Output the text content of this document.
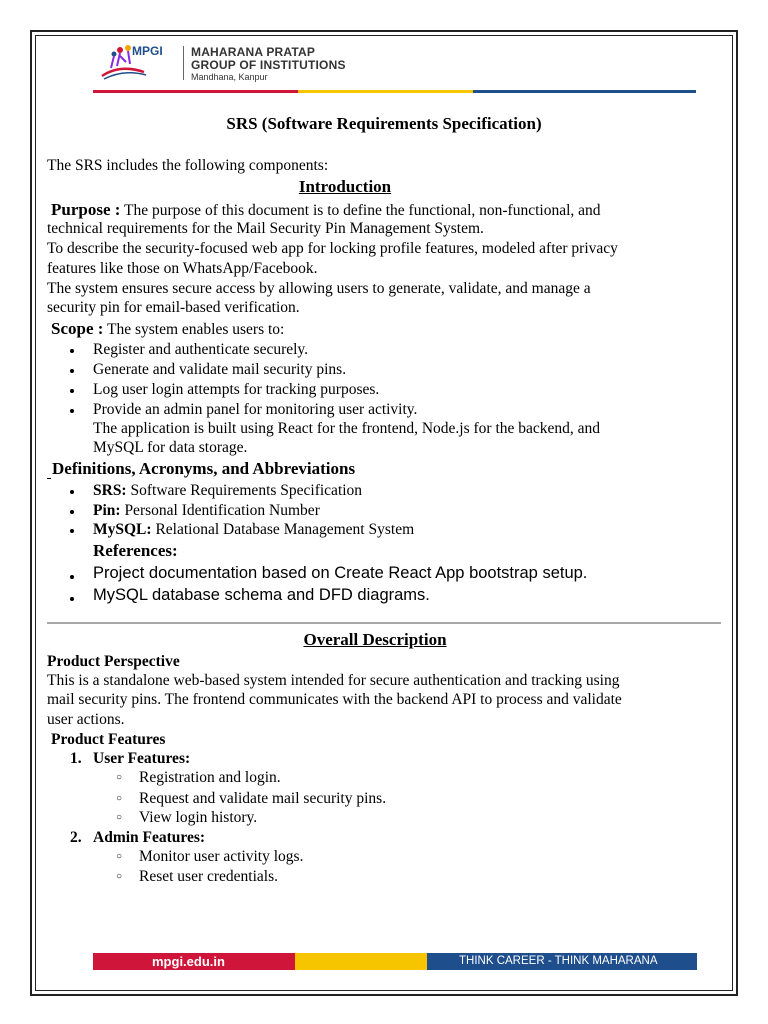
MPGI MAHARANA PRATAP
GROUP OF INSTITUTIONS
Mandhana, Kanpur
SRS (Software Requirements Specification)
The SRS includes the following components:
Introduction
Purpose : The purpose of this document is to define the functional, non-functional, and
technical requirements for the Mail Security Pin Management System.
To describe the security-focused web app for locking profile features, modeled after privacy
features like those on WhatsApp/Facebook.
The system ensures secure access by allowing users to generate, validate, and manage a
security pin for email-based verification.
Scope : The system enables users to:
Register and authenticate securely.
Generate and validate mail security pins.
Log user login attempts for tracking purposes.
Provide an admin panel for monitoring user activity.
The application is built using React for the frontend, Node.js for the backend, and
MySQL for data storage.
Definitions, Acronyms, and Abbreviations
SRS: Software Requirements Specification
Pin: Personal Identification Number
MySQL: Relational Database Management System
References:
Project documentation based on Create React App bootstrap setup.
MySQL database schema and DFD diagrams.
Overall Description
Product Perspective
This is a standalone web-based system intended for secure authentication and tracking using
mail security pins. The frontend communicates with the backend API to process and validate
user actions.
Product Features
1. User Features:
○ Registration and login.
○ Request and validate mail security pins.
○ View login history.
2. Admin Features:
○ Monitor user activity logs.
○ Reset user credentials.
mpgi.edu.in	THINK CAREER - THINK MAHARANA
